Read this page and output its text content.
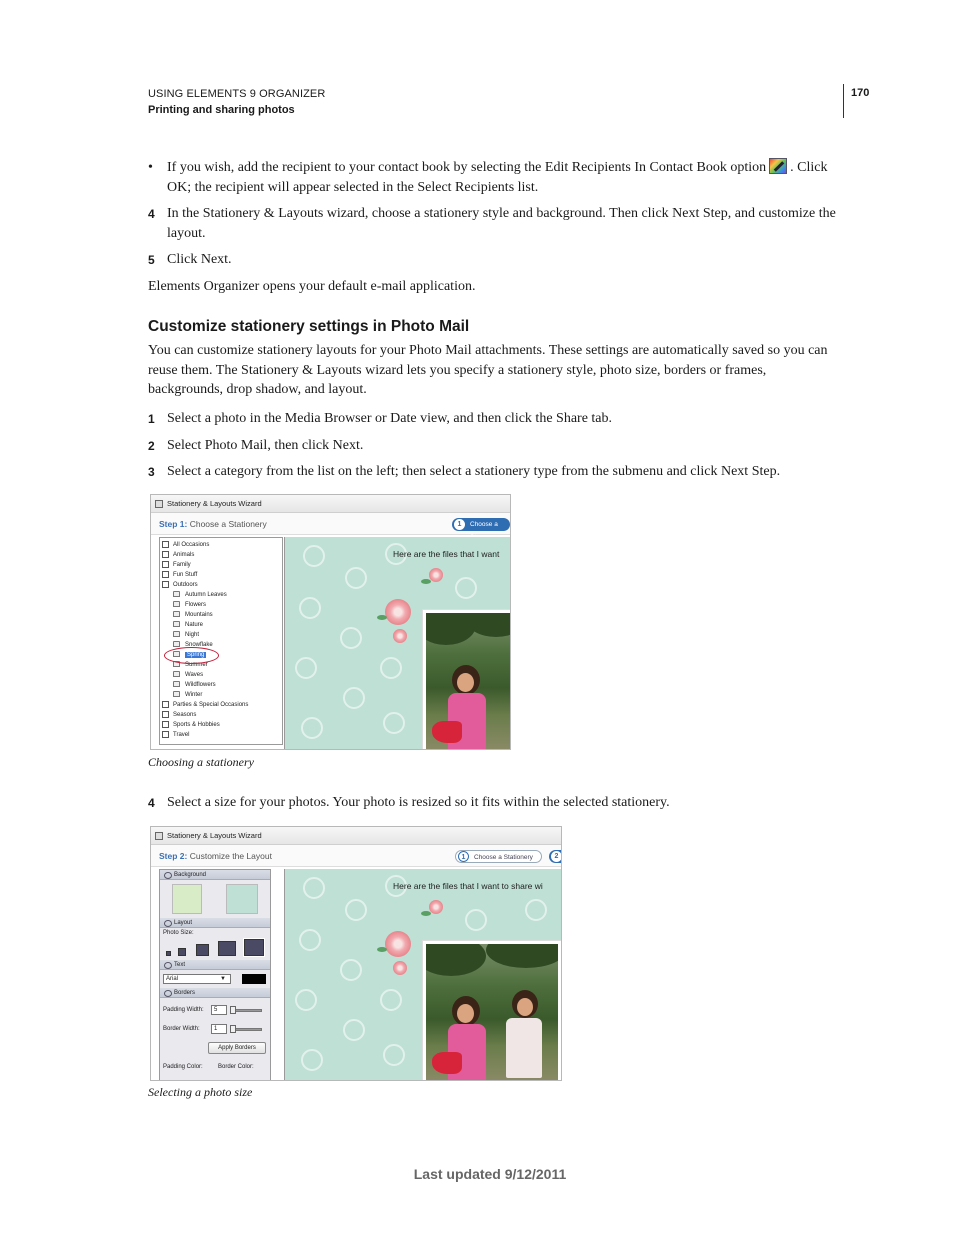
USING ELEMENTS 9 ORGANIZER
Printing and sharing photos
170
•	If you wish, add the recipient to your contact book by selecting the Edit Recipients In Contact Book option . Click OK; the recipient will appear selected in the Select Recipients list.
4 In the Stationery & Layouts wizard, choose a stationery style and background. Then click Next Step, and customize the layout.
5 Click Next.
Elements Organizer opens your default e-mail application.
Customize stationery settings in Photo Mail
You can customize stationery layouts for your Photo Mail attachments. These settings are automatically saved so you can reuse them. The Stationery & Layouts wizard lets you specify a stationery style, photo size, borders or frames, backgrounds, drop shadow, and layout.
1 Select a photo in the Media Browser or Date view, and then click the Share tab.
2 Select Photo Mail, then click Next.
3 Select a category from the list on the left; then select a stationery type from the submenu and click Next Step.
Stationery & Layouts Wizard
Step 1: Choose a Stationery	1	Choose a
All Occasions
Animals
Family
Fun Stuff
Outdoors
Autumn Leaves
Flowers
Mountains
Nature
Night
Snowflake
Spring
Summer
Waves
Wildflowers
Winter
Parties & Special Occasions
Seasons
Sports & Hobbies
Travel
Here are the files that I want
Choosing a stationery
4 Select a size for your photos. Your photo is resized so it fits within the selected stationery.
Stationery & Layouts Wizard
Step 2: Customize the Layout	1	Choose a Stationery	2
Background
Layout
Photo Size:
Text
Arial	▼
Borders
Padding Width:	5
Border Width:	1
Apply Borders
Padding Color:	Border Color:
Here are the files that I want to share wi
Selecting a photo size
Last updated 9/12/2011
